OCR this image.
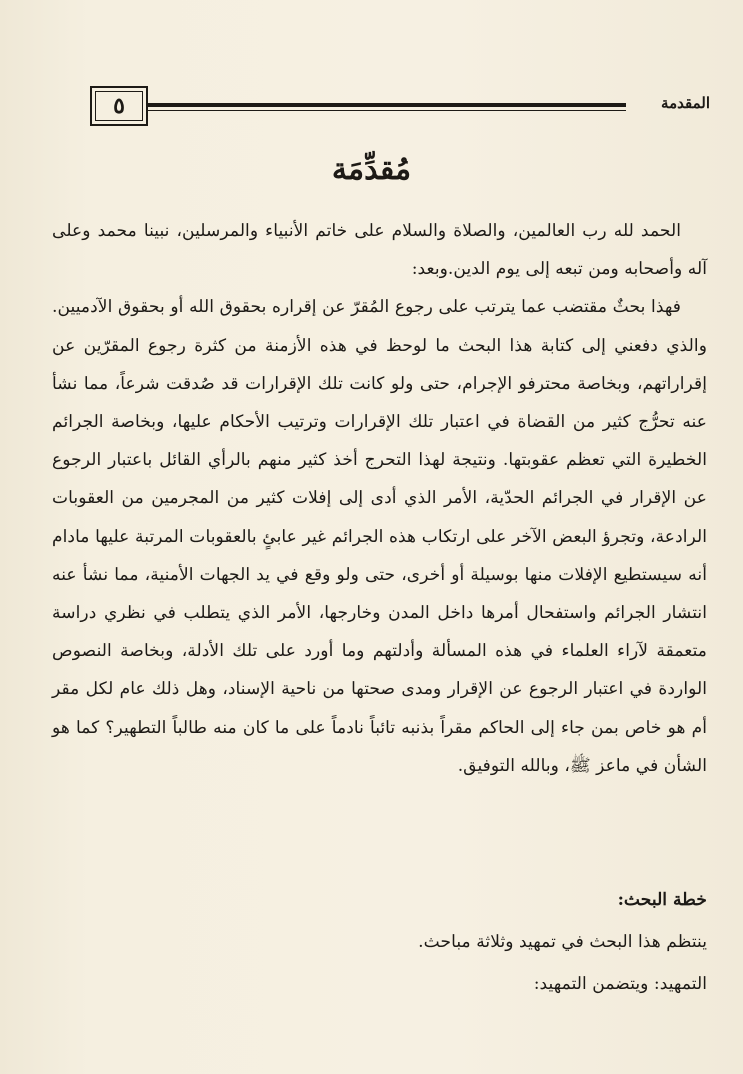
٥	المقدمة
مُقدِّمَة

الحمد لله رب العالمين، والصلاة والسلام على خاتم الأنبياء والمرسلين، نبينا محمد وعلى آله وأصحابه ومن تبعه إلى يوم الدين.وبعد:

فهذا بحثٌ مقتضب عما يترتب على رجوع المُقرّ عن إقراره بحقوق الله أو بحقوق الآدميين. والذي دفعني إلى كتابة هذا البحث ما لوحظ في هذه الأزمنة من كثرة رجوع المقرّين عن إقراراتهم، وبخاصة محترفو الإجرام، حتى ولو كانت تلك الإقرارات قد صُدقت شرعاً، مما نشأ عنه تحرُّج كثير من القضاة في اعتبار تلك الإقرارات وترتيب الأحكام عليها، وبخاصة الجرائم الخطيرة التي تعظم عقوبتها. ونتيجة لهذا التحرج أخذ كثير منهم بالرأي القائل باعتبار الرجوع عن الإقرار في الجرائم الحدّية، الأمر الذي أدى إلى إفلات كثير من المجرمين من العقوبات الرادعة، وتجرؤ البعض الآخر على ارتكاب هذه الجرائم غير عابئٍ بالعقوبات المرتبة عليها مادام أنه سيستطيع الإفلات منها بوسيلة أو أخرى، حتى ولو وقع في يد الجهات الأمنية، مما نشأ عنه انتشار الجرائم واستفحال أمرها داخل المدن وخارجها، الأمر الذي يتطلب في نظري دراسة متعمقة لآراء العلماء في هذه المسألة وأدلتهم وما أورد على تلك الأدلة، وبخاصة النصوص الواردة في اعتبار الرجوع عن الإقرار ومدى صحتها من ناحية الإسناد، وهل ذلك عام لكل مقر أم هو خاص بمن جاء إلى الحاكم مقراً بذنبه تائباً نادماً على ما كان منه طالباً التطهير؟ كما هو الشأن في ماعز ﷺ، وبالله التوفيق.

خطة البحث:
ينتظم هذا البحث في تمهيد وثلاثة مباحث.
التمهيد: ويتضمن التمهيد:
